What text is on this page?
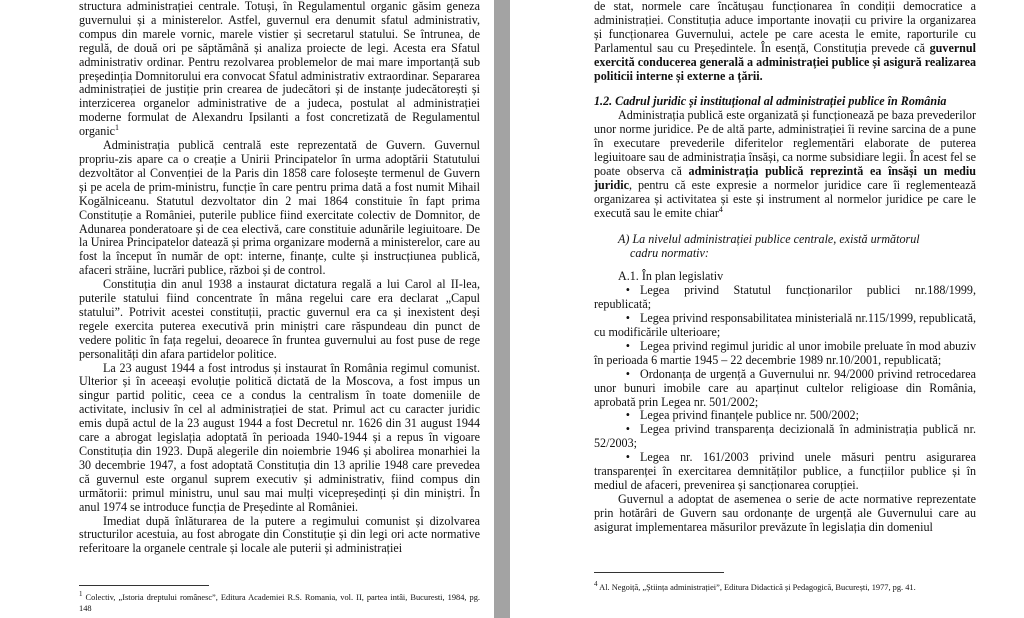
structura administrației centrale. Totuși, în Regulamentul organic găsim geneza guvernului și a ministerelor. Astfel, guvernul era denumit sfatul administrativ, compus din marele vornic, marele vistier și secretarul statului. Se întrunea, de regulă, de două ori pe săptămână și analiza proiecte de legi. Acesta era Sfatul administrativ ordinar. Pentru rezolvarea problemelor de mai mare importanță sub președinția Domnitorului era convocat Sfatul administrativ extraordinar. Separarea administrației de justiție prin crearea de judecători și de instanțe judecătorești și interzicerea organelor administrative de a judeca, postulat al administrației moderne formulat de Alexandru Ipsilanti a fost concretizată de Regulamentul organic$^1$

Administrația publică centrală este reprezentată de Guvern. Guvernul propriu-zis apare ca o creație a Unirii Principatelor în urma adoptării Statutului dezvoltător al Convenției de la Paris din 1858 care folosește termenul de Guvern și pe acela de prim-ministru, funcție în care pentru prima dată a fost numit Mihail Kogălniceanu. Statutul dezvoltator din 2 mai 1864 constituie în fapt prima Constituție a României, puterile publice fiind exercitate colectiv de Domnitor, de Adunarea ponderatoare și de cea electivă, care constituie adunările legiuitoare. De la Unirea Principatelor datează și prima organizare modernă a ministerelor, care au fost la început în număr de opt: interne, finanțe, culte și instrucțiunea publică, afaceri străine, lucrări publice, război și de control.

Constituția din anul 1938 a instaurat dictatura regală a lui Carol al II-lea, puterile statului fiind concentrate în mâna regelui care era declarat „Capul statului”. Potrivit acestei constituții, practic guvernul era ca și inexistent deși regele exercita puterea executivă prin miniștri care răspundeau din punct de vedere politic în fața regelui, deoarece în fruntea guvernului au fost puse de rege personalități din afara partidelor politice.

La 23 august 1944 a fost introdus și instaurat în România regimul comunist. Ulterior și în aceeași evoluție politică dictată de la Moscova, a fost impus un singur partid politic, ceea ce a condus la centralism în toate domeniile de activitate, inclusiv în cel al administrației de stat. Primul act cu caracter juridic emis după actul de la 23 august 1944 a fost Decretul nr. 1626 din 31 august 1944 care a abrogat legislația adoptată în perioada 1940-1944 și a repus în vigoare Constituția din 1923. După alegerile din noiembrie 1946 și abolirea monarhiei la 30 decembrie 1947, a fost adoptată Constituția din 13 aprilie 1948 care prevedea că guvernul este organul suprem executiv și administrativ, fiind compus din următorii: primul ministru, unul sau mai mulți vicepreședinți și din miniștri. În anul 1974 se introduce funcția de Președinte al României.

Imediat după înlăturarea de la putere a regimului comunist și dizolvarea structurilor acestuia, au fost abrogate din Constituție și din legi ori acte normative referitoare la organele centrale și locale ale puterii și administrației

$^1$ Colectiv, „Istoria dreptului românesc”, Editura Academiei R.S. Romania, vol. II, partea intâi, Bucuresti, 1984, pg. 148

de stat, normele care încătușau funcționarea în condiții democratice a administrației. Constituția aduce importante inovații cu privire la organizarea și funcționarea Guvernului, actele pe care acesta le emite, raporturile cu Parlamentul sau cu Președintele. În esență, Constituția prevede că guvernul exercită conducerea generală a administrației publice și asigură realizarea politicii interne și externe a țării.

1.2. Cadrul juridic și instituțional al administrației publice în România

Administrația publică este organizată și funcționează pe baza prevederilor unor norme juridice. Pe de altă parte, administrației îi revine sarcina de a pune în executare prevederile diferitelor reglementări elaborate de puterea legiuitoare sau de administrația însăși, ca norme subsidiare legii. În acest fel se poate observa că administrația publică reprezintă ea însăși un mediu juridic, pentru că este expresie a normelor juridice care îi reglementează organizarea și activitatea și este și instrument al normelor juridice pe care le execută sau le emite chiar$^4$

A) La nivelul administrației publice centrale, există următorul
cadru normativ:

A.1. În plan legislativ

• Legea privind Statutul funcționarilor publici nr.188/1999, republicată;

• Legea privind responsabilitatea ministerială nr.115/1999, republicată, cu modificările ulterioare;

• Legea privind regimul juridic al unor imobile preluate în mod abuziv în perioada 6 martie 1945 – 22 decembrie 1989 nr.10/2001, republicată;

• Ordonanța de urgență a Guvernului nr. 94/2000 privind retrocedarea unor bunuri imobile care au aparținut cultelor religioase din România, aprobată prin Legea nr. 501/2002;

• Legea privind finanțele publice nr. 500/2002;

• Legea privind transparența decizională în administrația publică nr. 52/2003;

• Legea nr. 161/2003 privind unele măsuri pentru asigurarea transparenței în exercitarea demnităților publice, a funcțiilor publice și în mediul de afaceri, prevenirea și sancționarea corupției.

Guvernul a adoptat de asemenea o serie de acte normative reprezentate prin hotărâri de Guvern sau ordonanțe de urgență ale Guvernului care au asigurat implementarea măsurilor prevăzute în legislația din domeniul

$^4$ Al. Negoiță, „Știința administrației”, Editura Didactică și Pedagogică, București, 1977, pg. 41.
